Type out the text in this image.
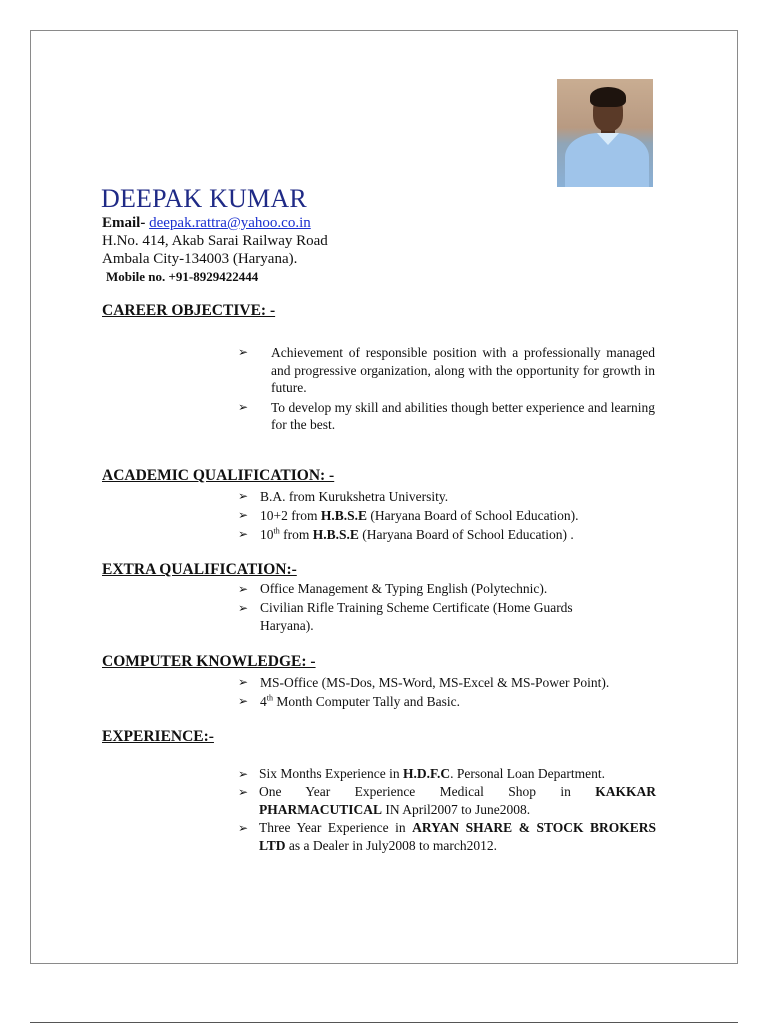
DEEPAK KUMAR
Email- deepak.rattra@yahoo.co.in
H.No. 414, Akab Sarai Railway Road
Ambala City-134003 (Haryana).
Mobile no. +91-8929422444
CAREER OBJECTIVE: -
➢ Achievement of responsible position with a professionally managed and progressive organization, along with the opportunity for growth in future.
➢ To develop my skill and abilities though better experience and learning for the best.
ACADEMIC QUALIFICATION: -
➢ B.A. from Kurukshetra University.
➢ 10+2 from H.B.S.E (Haryana Board of School Education).
➢ 10th from H.B.S.E (Haryana Board of School Education) .
EXTRA QUALIFICATION:-
➢ Office Management & Typing English (Polytechnic).
➢ Civilian Rifle Training Scheme Certificate (Home Guards Haryana).
COMPUTER KNOWLEDGE: -
➢ MS-Office (MS-Dos, MS-Word, MS-Excel & MS-Power Point).
➢ 4th Month Computer Tally and Basic.
EXPERIENCE:-
➢ Six Months Experience in H.D.F.C. Personal Loan Department.
➢ One Year Experience Medical Shop in KAKKAR PHARMACUTICAL IN April2007 to June2008.
➢ Three Year Experience in ARYAN SHARE & STOCK BROKERS LTD as a Dealer in July2008 to march2012.
